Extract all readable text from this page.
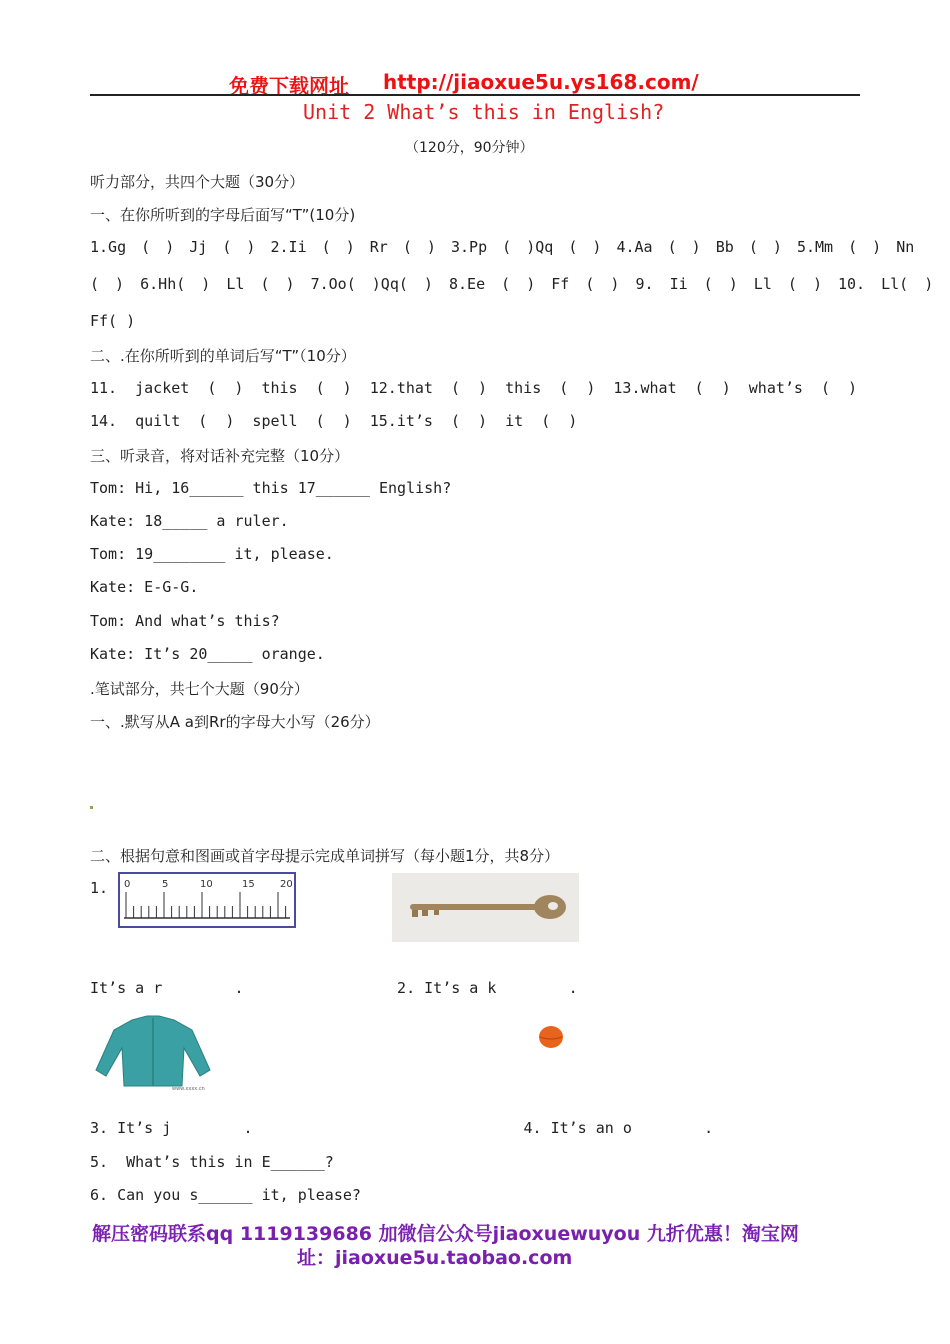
免费下载网址 http://jiaoxue5u.ys168.com/
Unit 2 What’s this in English?
（120分，90分钟）
听力部分，共四个大题（30分）
一、在你所听到的字母后面写“T”(10分)
1.Gg ( ) Jj ( ) 2.Ii ( ) Rr ( ) 3.Pp ( )Qq ( ) 4.Aa ( ) Bb ( ) 5.Mm ( ) Nn
( ) 6.Hh( ) Ll ( ) 7.Oo( )Qq( ) 8.Ee ( ) Ff ( ) 9. Ii ( ) Ll ( ) 10. Ll( )
Ff( )
二、.在你所听到的单词后写“T”（10分）
11. jacket ( ) this ( ) 12.that ( ) this ( ) 13.what ( ) what’s ( )
14. quilt ( ) spell ( ) 15.it’s ( ) it ( )
三、听录音，将对话补充完整（10分）
Tom: Hi, 16______ this 17______ English?
Kate: 18_____ a ruler.
Tom: 19________ it, please.
Kate: E-G-G.
Tom: And what’s this?
Kate: It’s 20_____ orange.
.笔试部分，共七个大题（90分）
一、.默写从A a到Rr的字母大小写（26分）
二、根据句意和图画或首字母提示完成单词拼写（每小题1分，共8分）
1. 0	5	10	15	20
It’s a r        .                 2. It’s a k        .
www.xxxx.cn
3. It’s j        .                              4. It’s an o        .
5.  What’s this in E______?
6. Can you s______ it, please?
解压密码联系qq 1119139686 加微信公众号jiaoxuewuyou 九折优惠！淘宝网
址：jiaoxue5u.taobao.com
